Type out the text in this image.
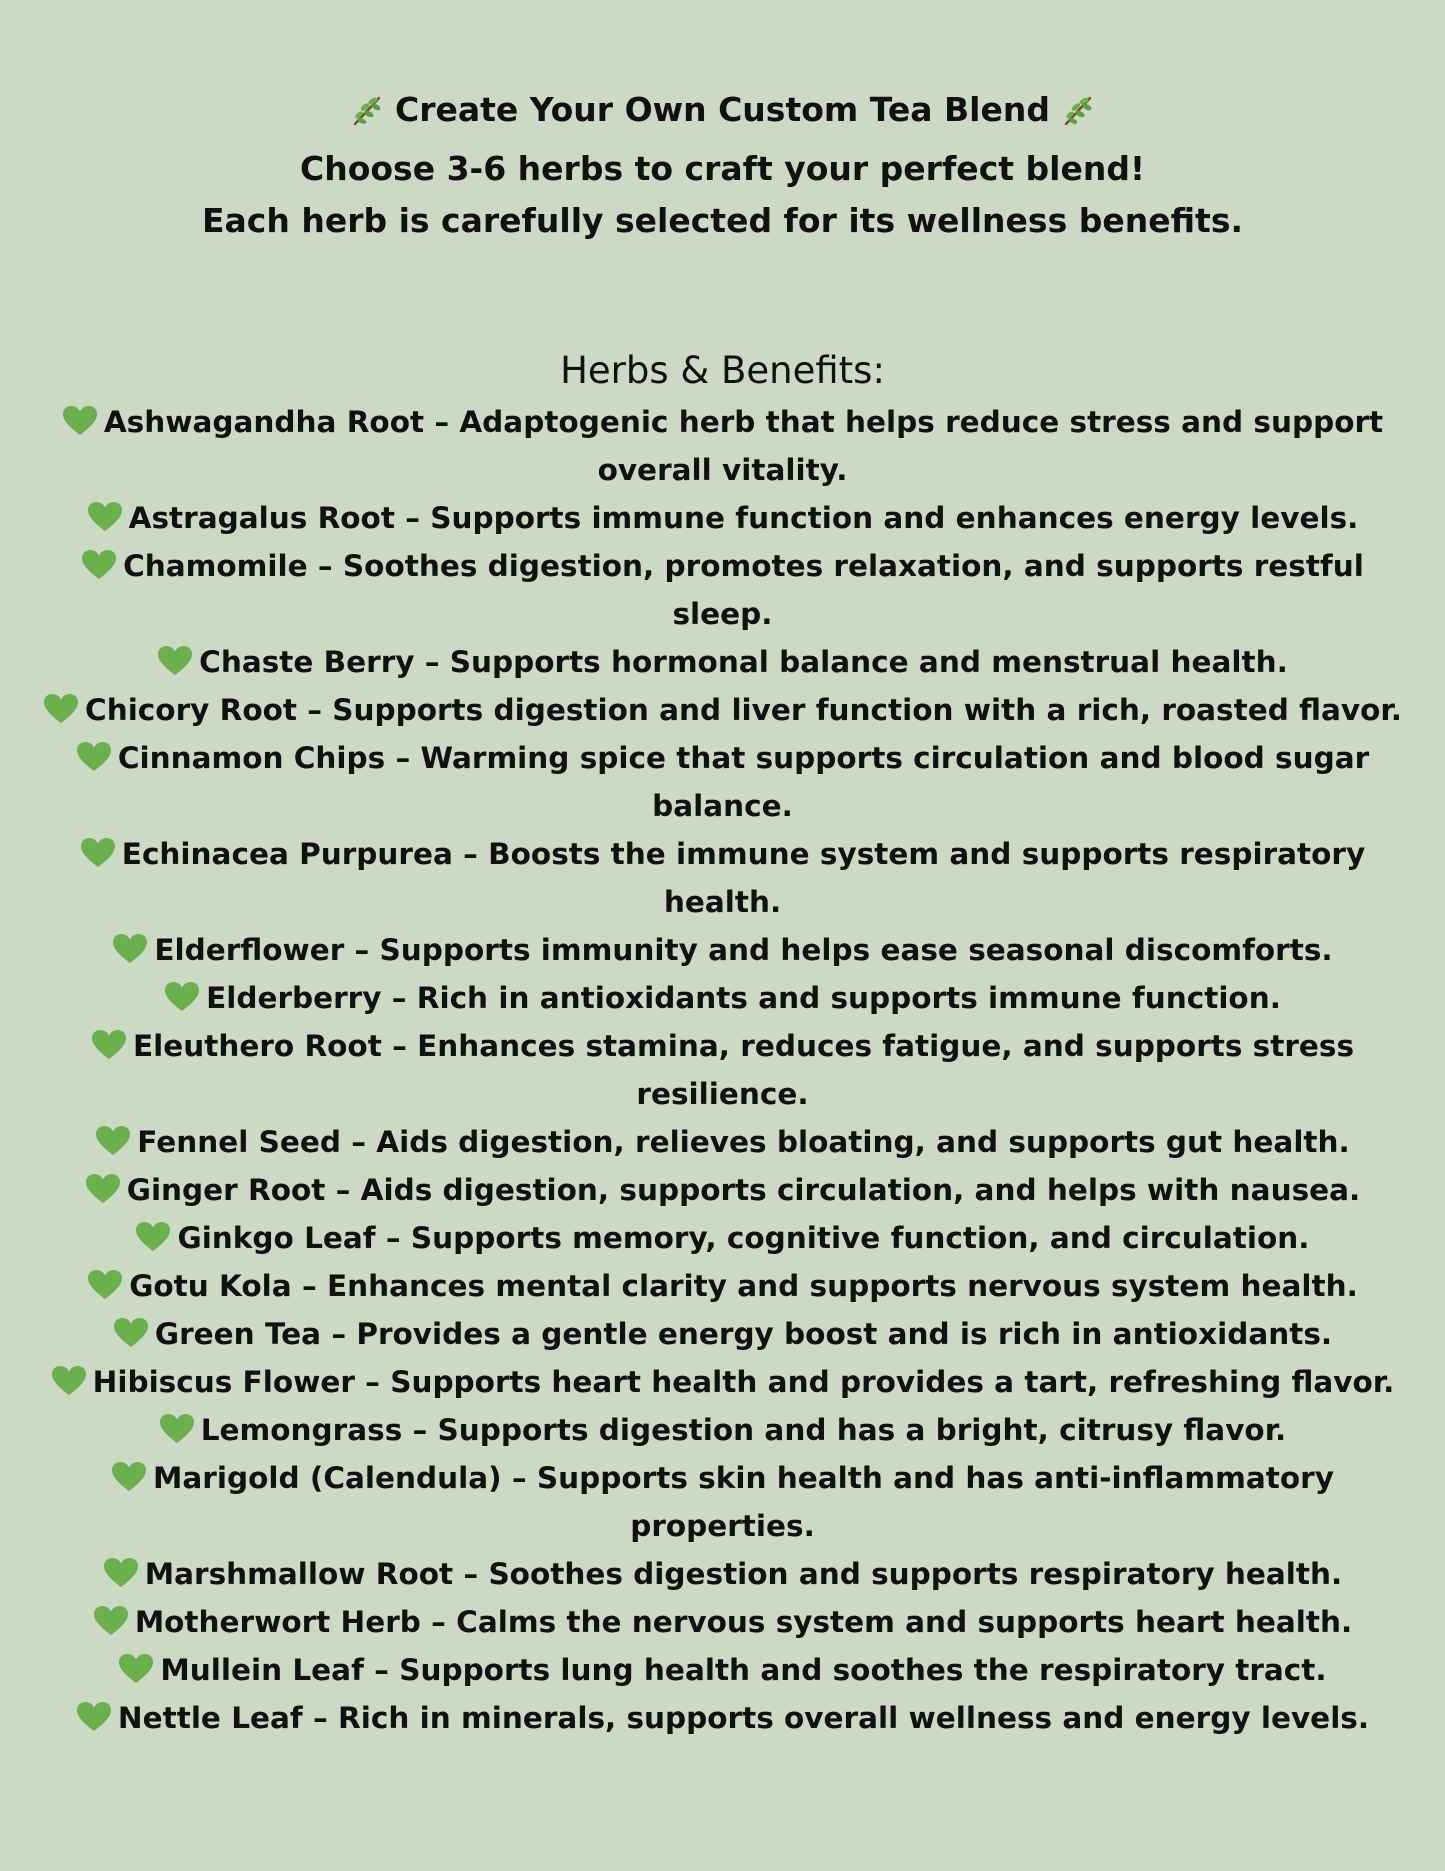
Create Your Own Custom Tea Blend
Choose 3-6 herbs to craft your perfect blend!
Each herb is carefully selected for its wellness benefits.
Herbs & Benefits:
Ashwagandha Root – Adaptogenic herb that helps reduce stress and support overall vitality.
Astragalus Root – Supports immune function and enhances energy levels.
Chamomile – Soothes digestion, promotes relaxation, and supports restful sleep.
Chaste Berry – Supports hormonal balance and menstrual health.
Chicory Root – Supports digestion and liver function with a rich, roasted flavor.
Cinnamon Chips – Warming spice that supports circulation and blood sugar balance.
Echinacea Purpurea – Boosts the immune system and supports respiratory health.
Elderflower – Supports immunity and helps ease seasonal discomforts.
Elderberry – Rich in antioxidants and supports immune function.
Eleuthero Root – Enhances stamina, reduces fatigue, and supports stress resilience.
Fennel Seed – Aids digestion, relieves bloating, and supports gut health.
Ginger Root – Aids digestion, supports circulation, and helps with nausea.
Ginkgo Leaf – Supports memory, cognitive function, and circulation.
Gotu Kola – Enhances mental clarity and supports nervous system health.
Green Tea – Provides a gentle energy boost and is rich in antioxidants.
Hibiscus Flower – Supports heart health and provides a tart, refreshing flavor.
Lemongrass – Supports digestion and has a bright, citrusy flavor.
Marigold (Calendula) – Supports skin health and has anti-inflammatory properties.
Marshmallow Root – Soothes digestion and supports respiratory health.
Motherwort Herb – Calms the nervous system and supports heart health.
Mullein Leaf – Supports lung health and soothes the respiratory tract.
Nettle Leaf – Rich in minerals, supports overall wellness and energy levels.
